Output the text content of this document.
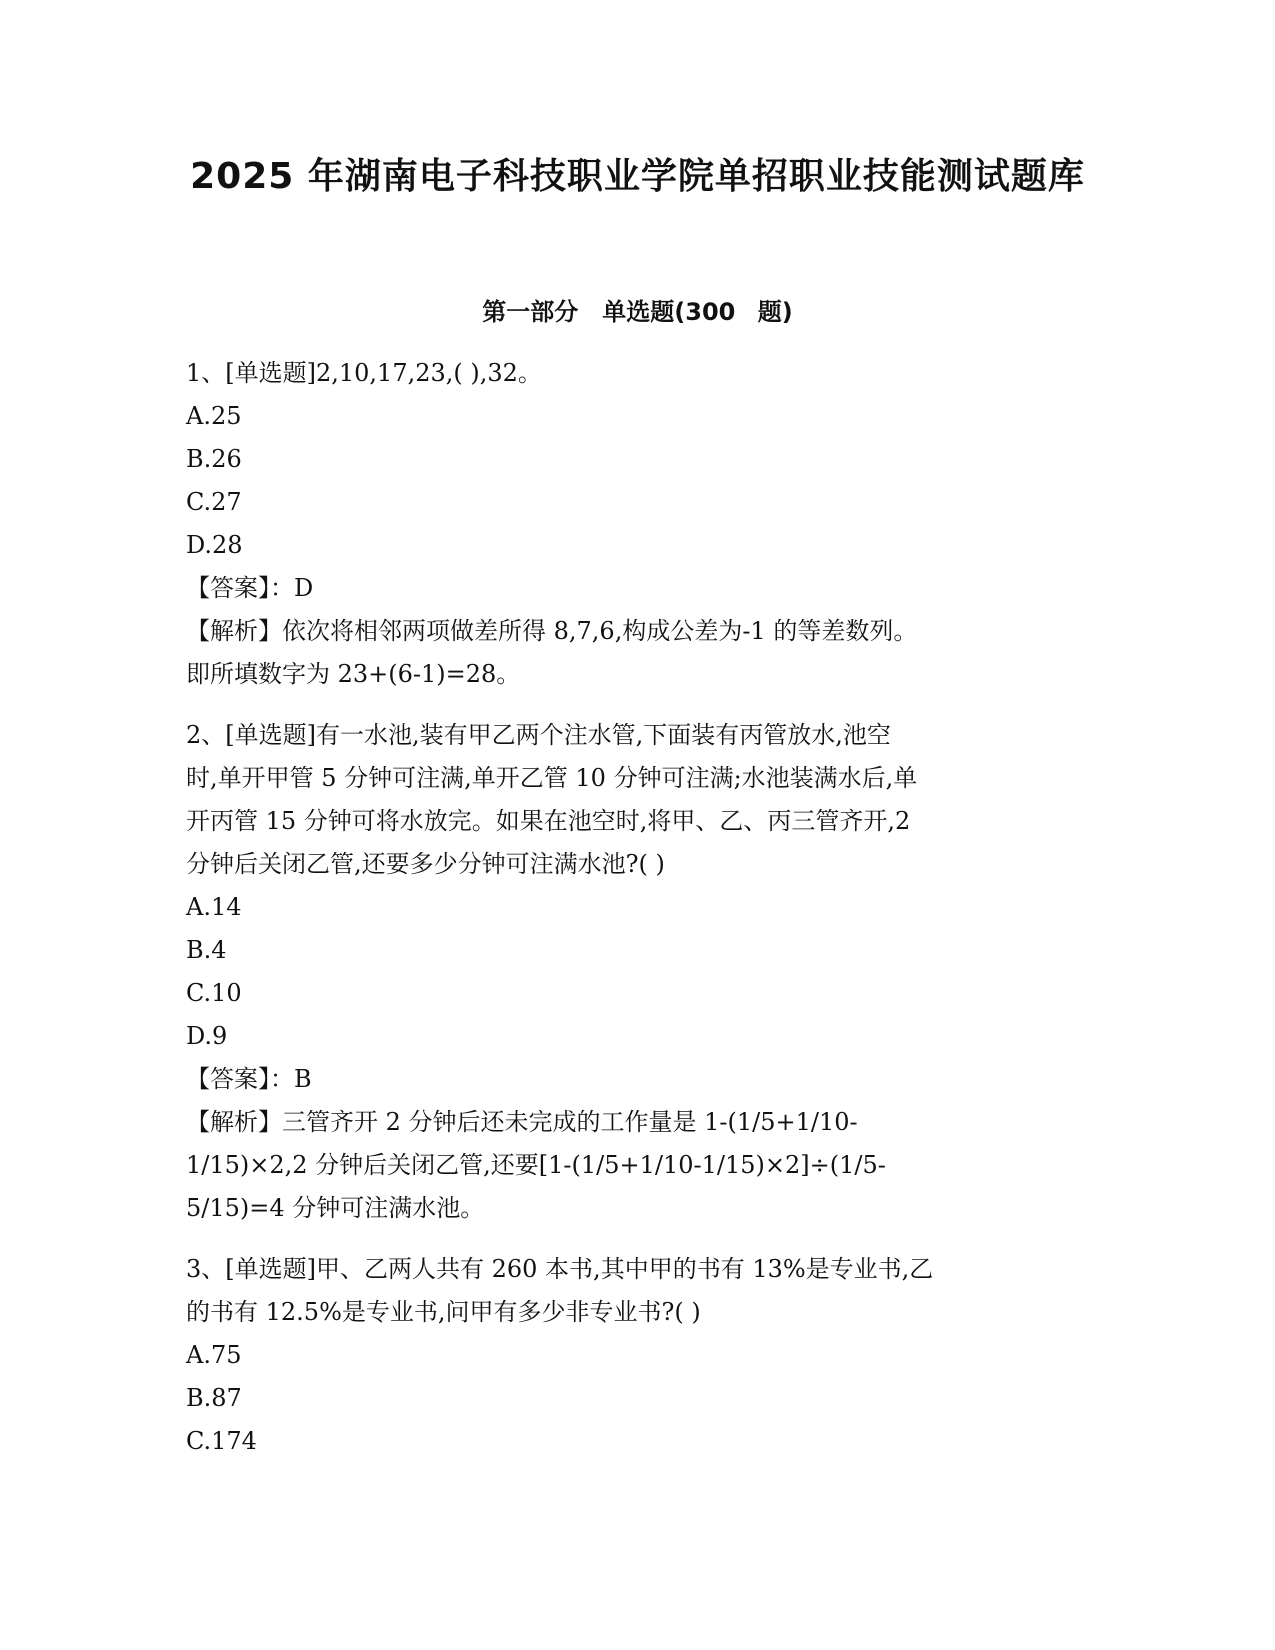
2025 年湖南电子科技职业学院单招职业技能测试题库
第一部分　单选题(300 题)
1、[单选题]2,10,17,23,( ),32。
A.25
B.26
C.27
D.28
【答案】：D
【解析】依次将相邻两项做差所得 8,7,6,构成公差为-1 的等差数列。
即所填数字为 23+(6-1)=28。
2、[单选题]有一水池,装有甲乙两个注水管,下面装有丙管放水,池空
时,单开甲管 5 分钟可注满,单开乙管 10 分钟可注满;水池装满水后,单
开丙管 15 分钟可将水放完。如果在池空时,将甲、乙、丙三管齐开,2
分钟后关闭乙管,还要多少分钟可注满水池?( )
A.14
B.4
C.10
D.9
【答案】：B
【解析】三管齐开 2 分钟后还未完成的工作量是 1-(1/5+1/10-
1/15)×2,2 分钟后关闭乙管,还要[1-(1/5+1/10-1/15)×2]÷(1/5-
5/15)=4 分钟可注满水池。
3、[单选题]甲、乙两人共有 260 本书,其中甲的书有 13%是专业书,乙
的书有 12.5%是专业书,问甲有多少非专业书?( )
A.75
B.87
C.174
